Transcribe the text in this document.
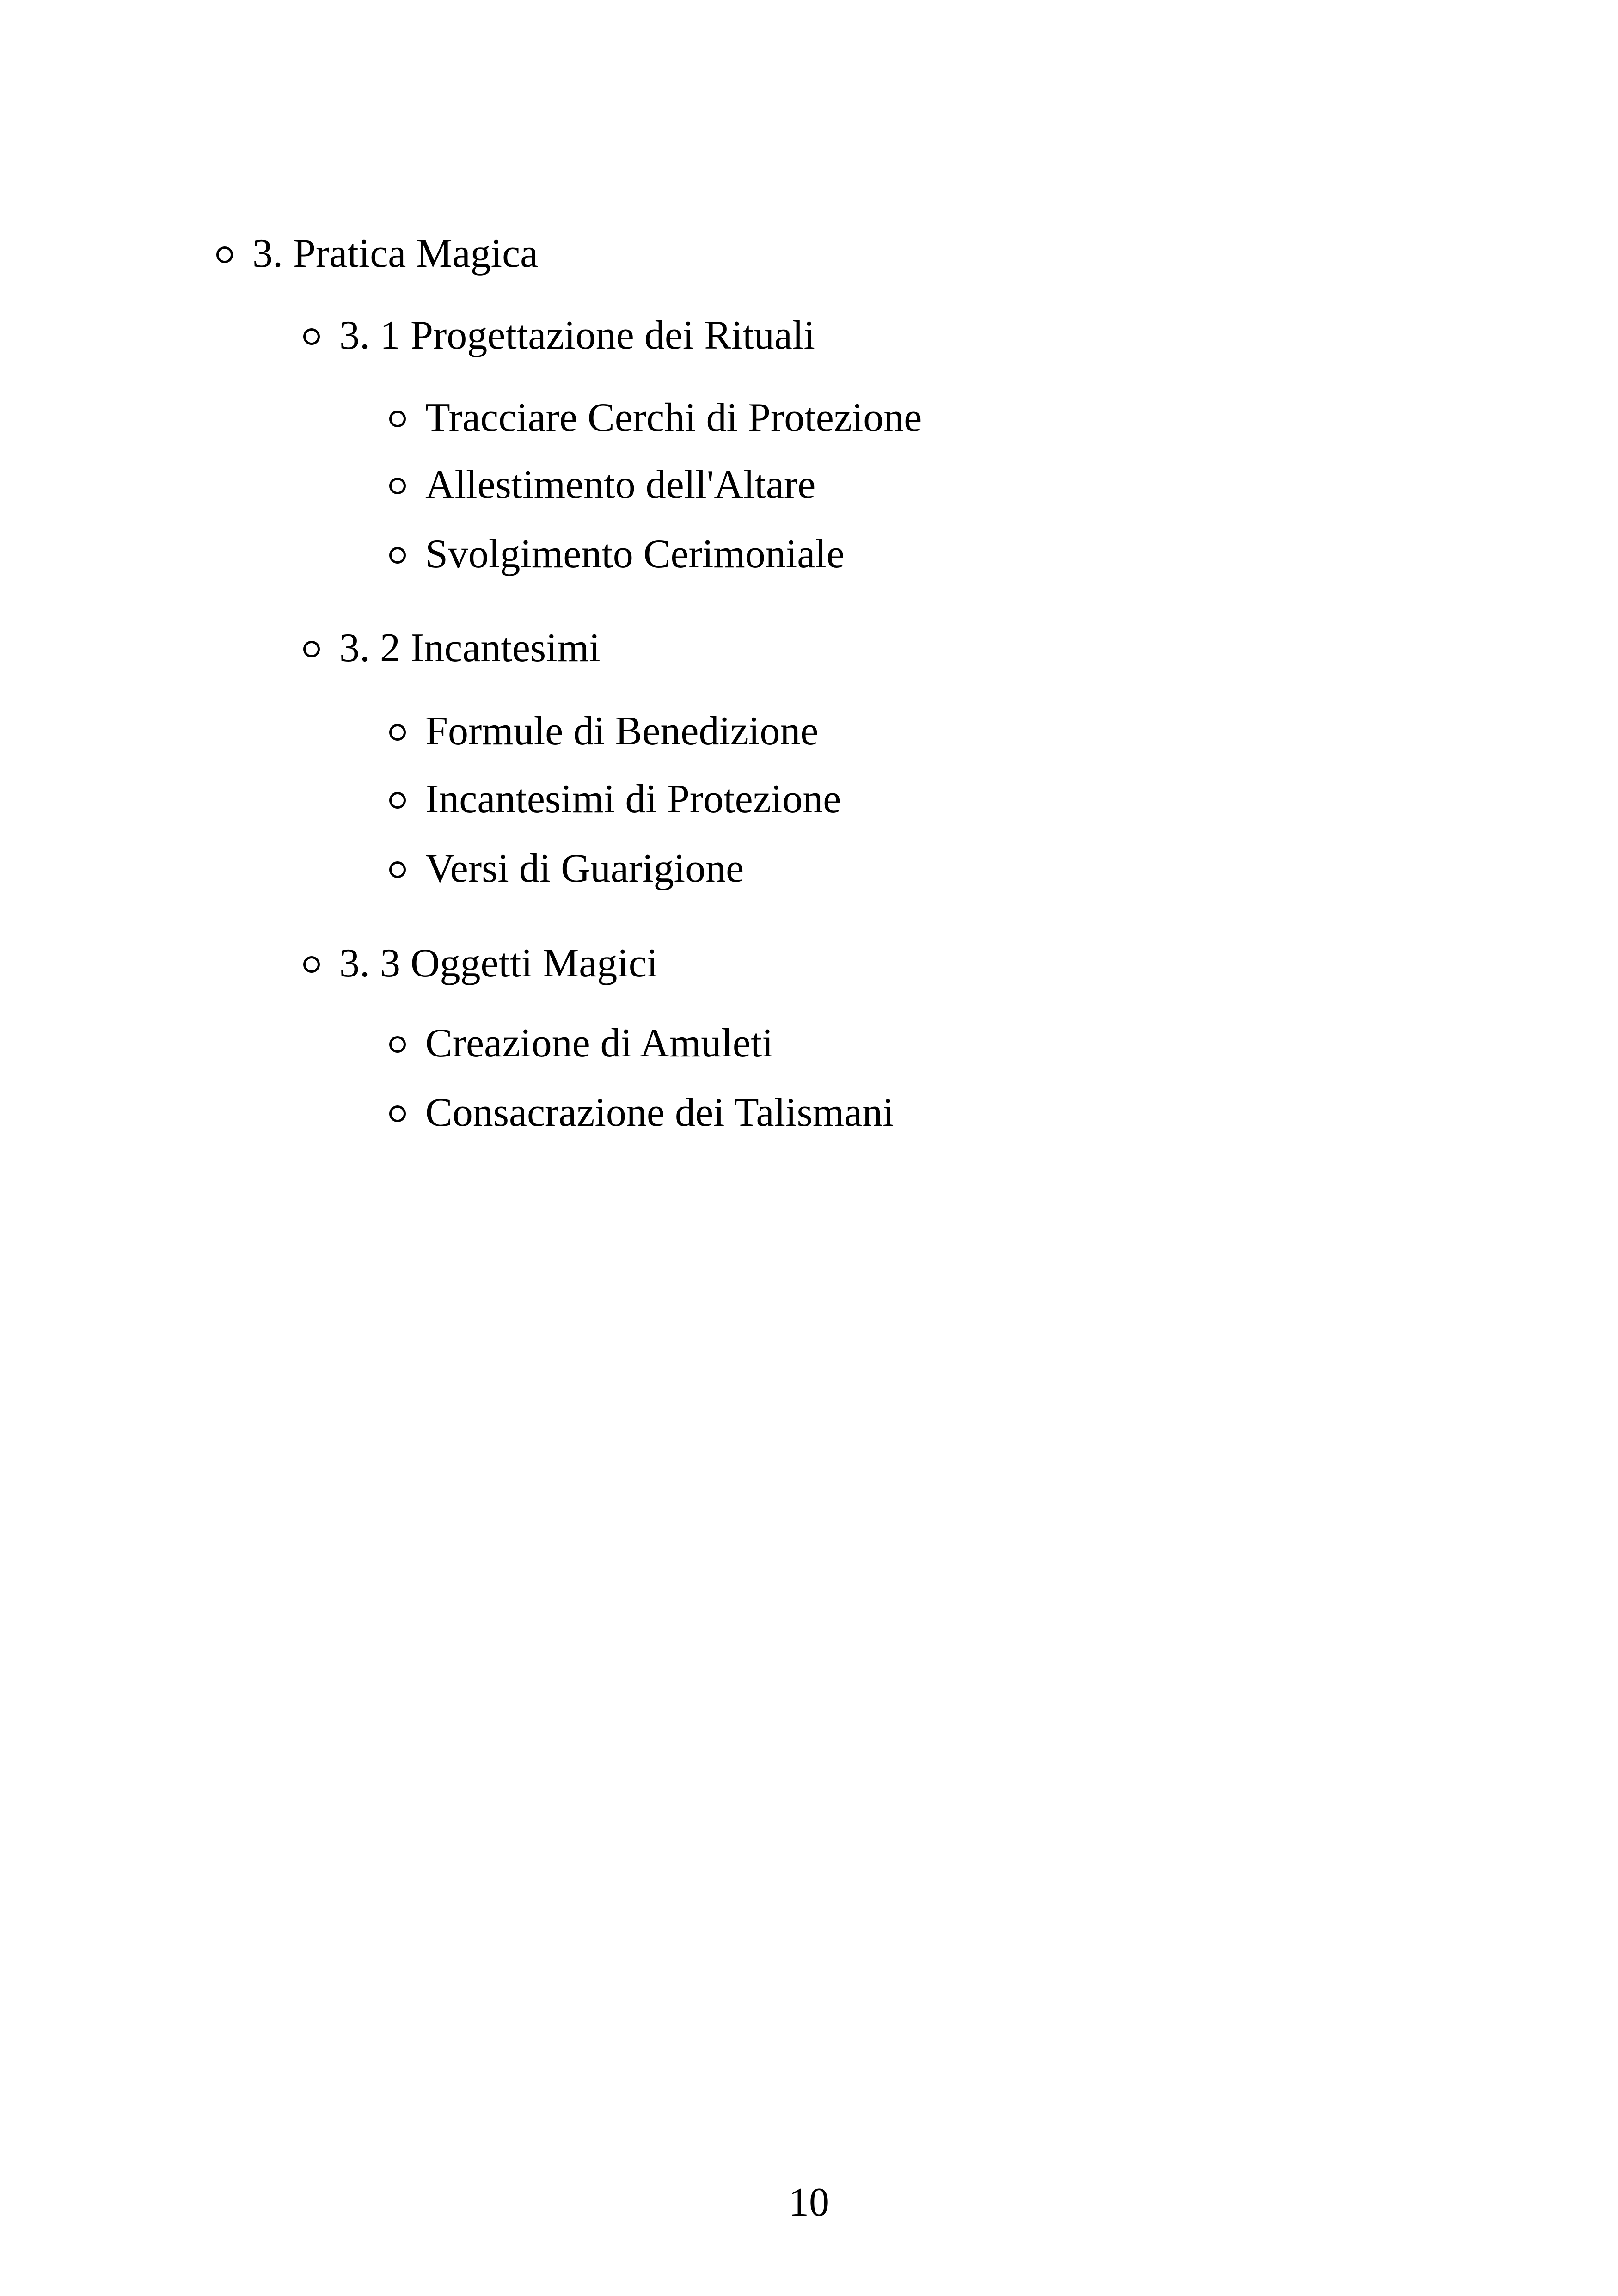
3. Pratica Magica
3. 1 Progettazione dei Rituali
Tracciare Cerchi di Protezione
Allestimento dell'Altare
Svolgimento Cerimoniale
3. 2 Incantesimi
Formule di Benedizione
Incantesimi di Protezione
Versi di Guarigione
3. 3 Oggetti Magici
Creazione di Amuleti
Consacrazione dei Talismani
10
